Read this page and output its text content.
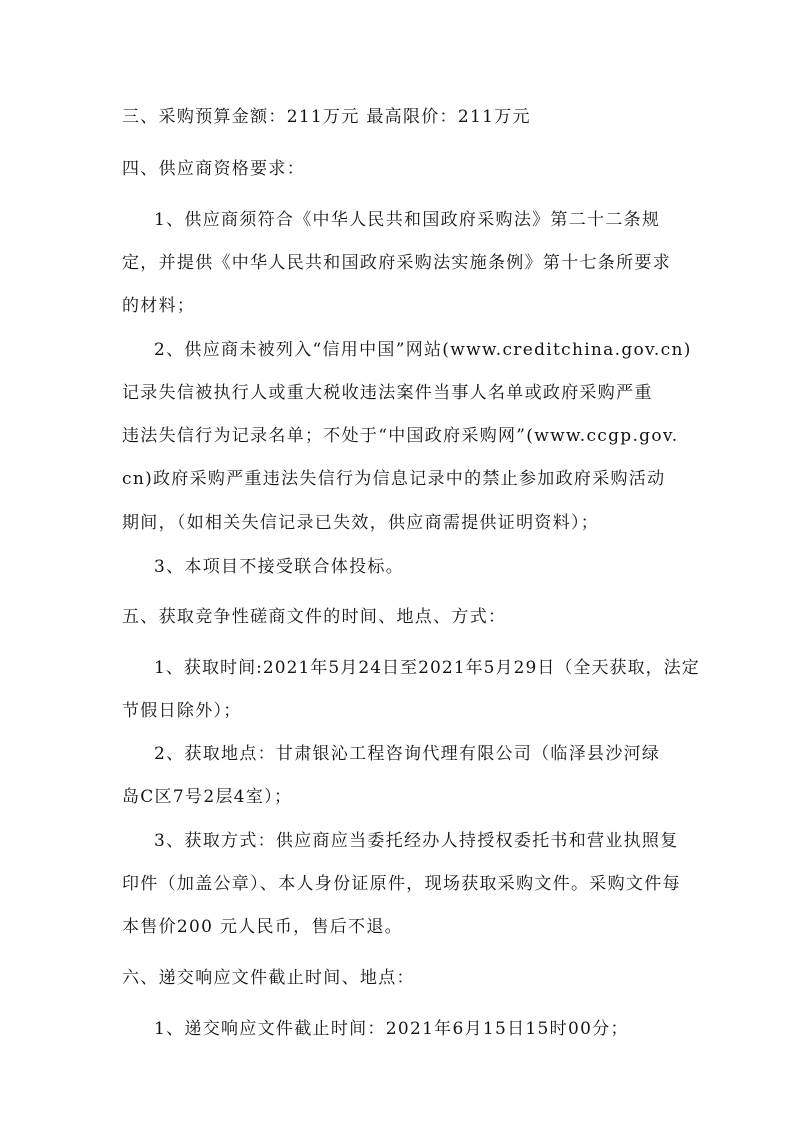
三、采购预算金额：211万元 最高限价：211万元
四、供应商资格要求：
1、供应商须符合《中华人民共和国政府采购法》第二十二条规
定，并提供《中华人民共和国政府采购法实施条例》第十七条所要求
的材料；
2、供应商未被列入“信用中国”网站(www.creditchina.gov.cn)
记录失信被执行人或重大税收违法案件当事人名单或政府采购严重
违法失信行为记录名单；不处于“中国政府采购网”(www.ccgp.gov.
cn)政府采购严重违法失信行为信息记录中的禁止参加政府采购活动
期间，（如相关失信记录已失效，供应商需提供证明资料）；
3、本项目不接受联合体投标。
五、获取竞争性磋商文件的时间、地点、方式：
1、获取时间:2021年5月24日至2021年5月29日（全天获取，法定
节假日除外）；
2、获取地点：甘肃银沁工程咨询代理有限公司（临泽县沙河绿
岛C区7号2层4室）；
3、获取方式：供应商应当委托经办人持授权委托书和营业执照复
印件（加盖公章）、本人身份证原件，现场获取采购文件。采购文件每
本售价200 元人民币，售后不退。
六、递交响应文件截止时间、地点：
1、递交响应文件截止时间：2021年6月15日15时00分；
